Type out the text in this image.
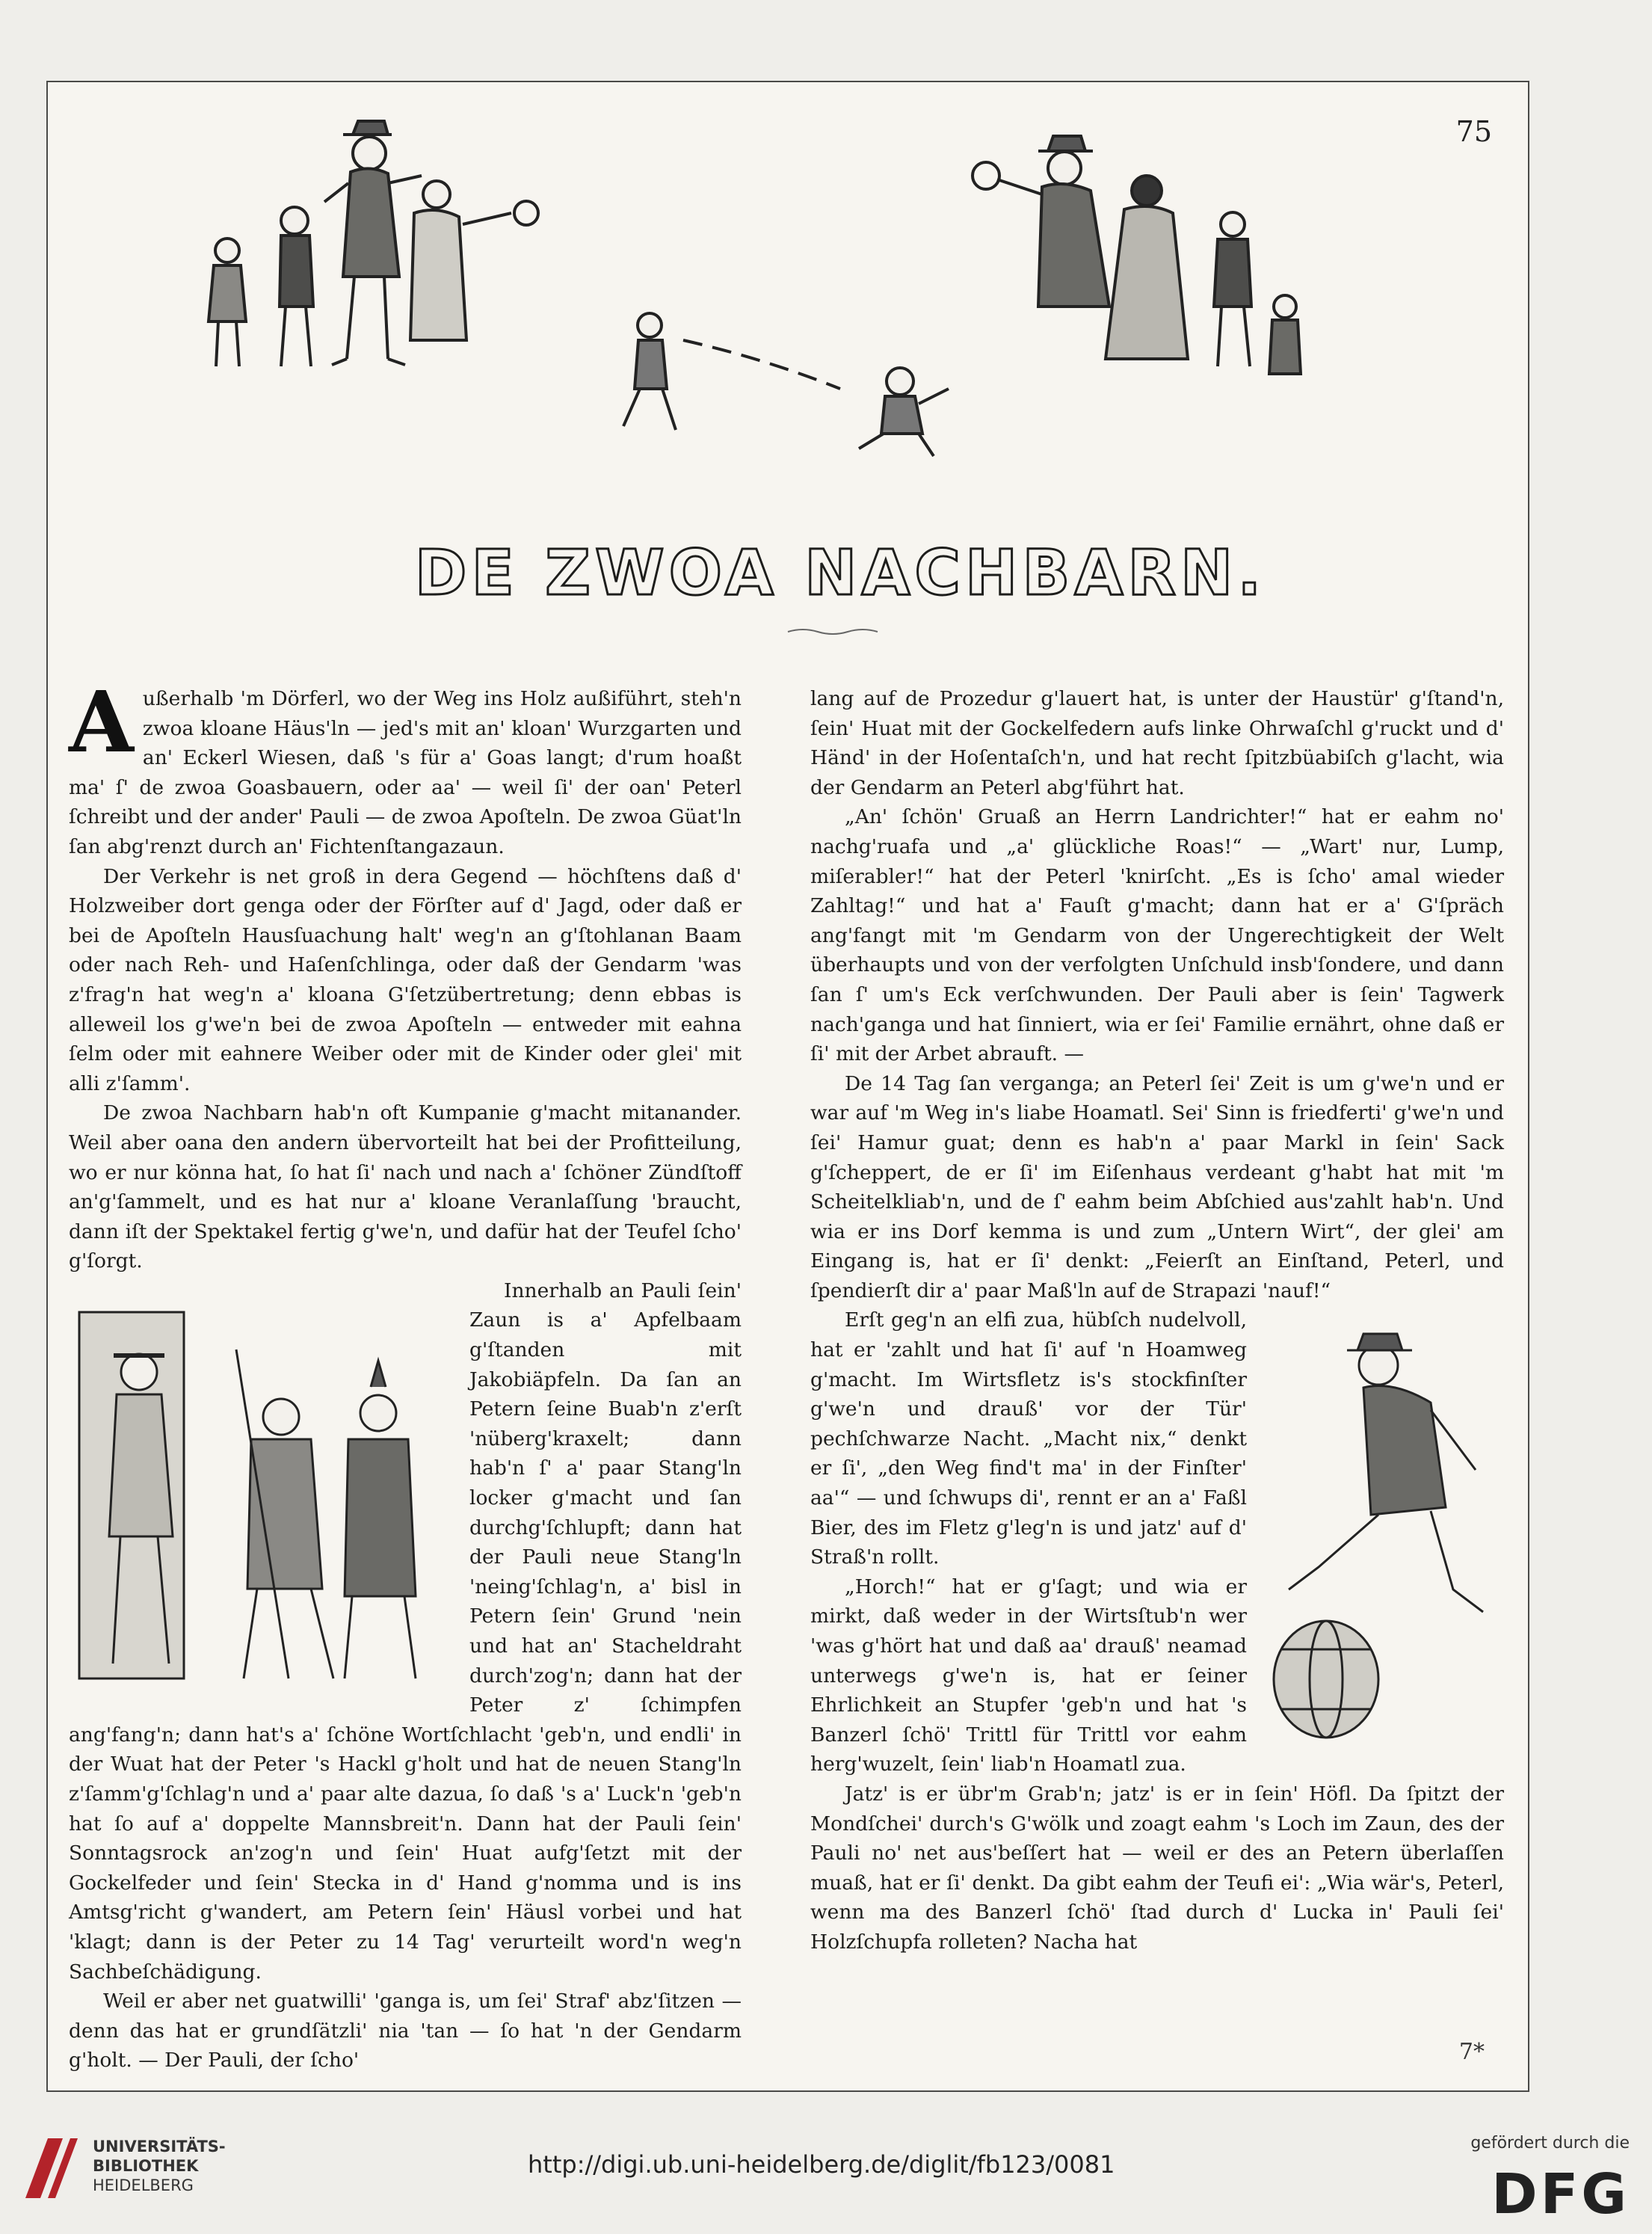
75
DE ZWOA NACHBARN.
A ußerhalb 'm Dörferl, wo der Weg ins Holz außiführt, steh'n zwoa kloane Häus'ln — jed's mit an' kloan' Wurzgarten und an' Eckerl Wiesen, daß 's für a' Goas langt; d'rum hoaßt ma' ſ' de zwoa Goasbauern, oder aa' — weil ſi' der oan' Peterl ſchreibt und der ander' Pauli — de zwoa Apoſteln. De zwoa Güat'ln ſan abg'renzt durch an' Fichtenſtangazaun.

Der Verkehr is net groß in dera Gegend — höchſtens daß d' Holzweiber dort genga oder der Förſter auf d' Jagd, oder daß er bei de Apoſteln Hausſuachung halt' weg'n an g'ſtohlanan Baam oder nach Reh- und Haſenſchlinga, oder daß der Gendarm 'was z'frag'n hat weg'n a' kloana G'ſetzübertretung; denn ebbas is alleweil los g'we'n bei de zwoa Apoſteln — entweder mit eahna ſelm oder mit eahnere Weiber oder mit de Kinder oder glei' mit alli z'ſamm'.

De zwoa Nachbarn hab'n oft Kumpanie g'macht mitanander. Weil aber oana den andern übervorteilt hat bei der Profitteilung, wo er nur könna hat, ſo hat ſi' nach und nach a' ſchöner Zündſtoff an'g'ſammelt, und es hat nur a' kloane Veranlaſſung 'braucht, dann iſt der Spektakel fertig g'we'n, und dafür hat der Teufel ſcho' g'ſorgt.

Innerhalb an Pauli ſein' Zaun is a' Apfelbaam g'ſtanden mit Jakobiäpfeln. Da ſan an Petern ſeine Buab'n z'erſt 'nüberg'kraxelt; dann hab'n ſ' a' paar Stang'ln locker g'macht und ſan durchg'ſchlupft; dann hat der Pauli neue Stang'ln 'neing'ſchlag'n, a' bisl in Petern ſein' Grund 'nein und hat an' Stacheldraht durch'zog'n; dann hat der Peter z' ſchimpfen ang'fang'n; dann hat's a' ſchöne Wortſchlacht 'geb'n, und endli' in der Wuat hat der Peter 's Hackl g'holt und hat de neuen Stang'ln z'ſamm'g'ſchlag'n und a' paar alte dazua, ſo daß 's a' Luck'n 'geb'n hat ſo auf a' doppelte Mannsbreit'n. Dann hat der Pauli ſein' Sonntagsrock an'zog'n und ſein' Huat aufg'ſetzt mit der Gockelfeder und ſein' Stecka in d' Hand g'nomma und is ins Amtsg'richt g'wandert, am Petern ſein' Häusl vorbei und hat 'klagt; dann is der Peter zu 14 Tag' verurteilt word'n weg'n Sachbeſchädigung.

Weil er aber net guatwilli' 'ganga is, um ſei' Straf' abz'ſitzen — denn das hat er grundſätzli' nia 'tan — ſo hat 'n der Gendarm g'holt. — Der Pauli, der ſcho'

lang auf de Prozedur g'lauert hat, is unter der Haustür' g'ſtand'n, ſein' Huat mit der Gockelfedern aufs linke Ohrwaſchl g'ruckt und d' Händ' in der Hoſentaſch'n, und hat recht ſpitzbüabiſch g'lacht, wia der Gendarm an Peterl abg'führt hat.

„An' ſchön' Gruaß an Herrn Landrichter!“ hat er eahm no' nachg'ruafa und „a' glückliche Roas!“ — „Wart' nur, Lump, miſerabler!“ hat der Peterl 'knirſcht. „Es is ſcho' amal wieder Zahltag!“ und hat a' Fauſt g'macht; dann hat er a' G'ſpräch ang'fangt mit 'm Gendarm von der Ungerechtigkeit der Welt überhaupts und von der verfolgten Unſchuld insb'ſondere, und dann ſan ſ' um's Eck verſchwunden. Der Pauli aber is ſein' Tagwerk nach'ganga und hat ſinniert, wia er ſei' Familie ernährt, ohne daß er ſi' mit der Arbet abrauft. —

De 14 Tag ſan verganga; an Peterl ſei' Zeit is um g'we'n und er war auf 'm Weg in's liabe Hoamatl. Sei' Sinn is friedferti' g'we'n und ſei' Hamur guat; denn es hab'n a' paar Markl in ſein' Sack g'ſcheppert, de er ſi' im Eiſenhaus verdeant g'habt hat mit 'm Scheitelkliab'n, und de ſ' eahm beim Abſchied aus'zahlt hab'n. Und wia er ins Dorf kemma is und zum „Untern Wirt“, der glei' am Eingang is, hat er ſi' denkt: „Feierſt an Einſtand, Peterl, und ſpendierſt dir a' paar Maß'ln auf de Strapazi 'nauf!“

Erſt geg'n an elfi zua, hübſch nudelvoll, hat er 'zahlt und hat ſi' auf 'n Hoamweg g'macht. Im Wirtsfletz is's stockfinſter g'we'n und drauß' vor der Tür' pechſchwarze Nacht. „Macht nix,“ denkt er ſi', „den Weg find't ma' in der Finſter' aa'“ — und ſchwups di', rennt er an a' Faßl Bier, des im Fletz g'leg'n is und jatz' auf d' Straß'n rollt.

„Horch!“ hat er g'ſagt; und wia er mirkt, daß weder in der Wirtsſtub'n wer 'was g'hört hat und daß aa' drauß' neamad unterwegs g'we'n is, hat er ſeiner Ehrlichkeit an Stupfer 'geb'n und hat 's Banzerl ſchö' Trittl für Trittl vor eahm herg'wuzelt, ſein' liab'n Hoamatl zua.

Jatz' is er übr'm Grab'n; jatz' is er in ſein' Höfl. Da ſpitzt der Mondſchei' durch's G'wölk und zoagt eahm 's Loch im Zaun, des der Pauli no' net aus'beſſert hat — weil er des an Petern überlaſſen muaß, hat er ſi' denkt. Da gibt eahm der Teufi ei': „Wia wär's, Peterl, wenn ma des Banzerl ſchö' ſtad durch d' Lucka in' Pauli ſei' Holzſchupfa rolleten? Nacha hat

7*
UNIVERSITÄTS-
BIBLIOTHEK
HEIDELBERG
http://digi.ub.uni-heidelberg.de/diglit/fb123/0081
gefördert durch die
DFG
